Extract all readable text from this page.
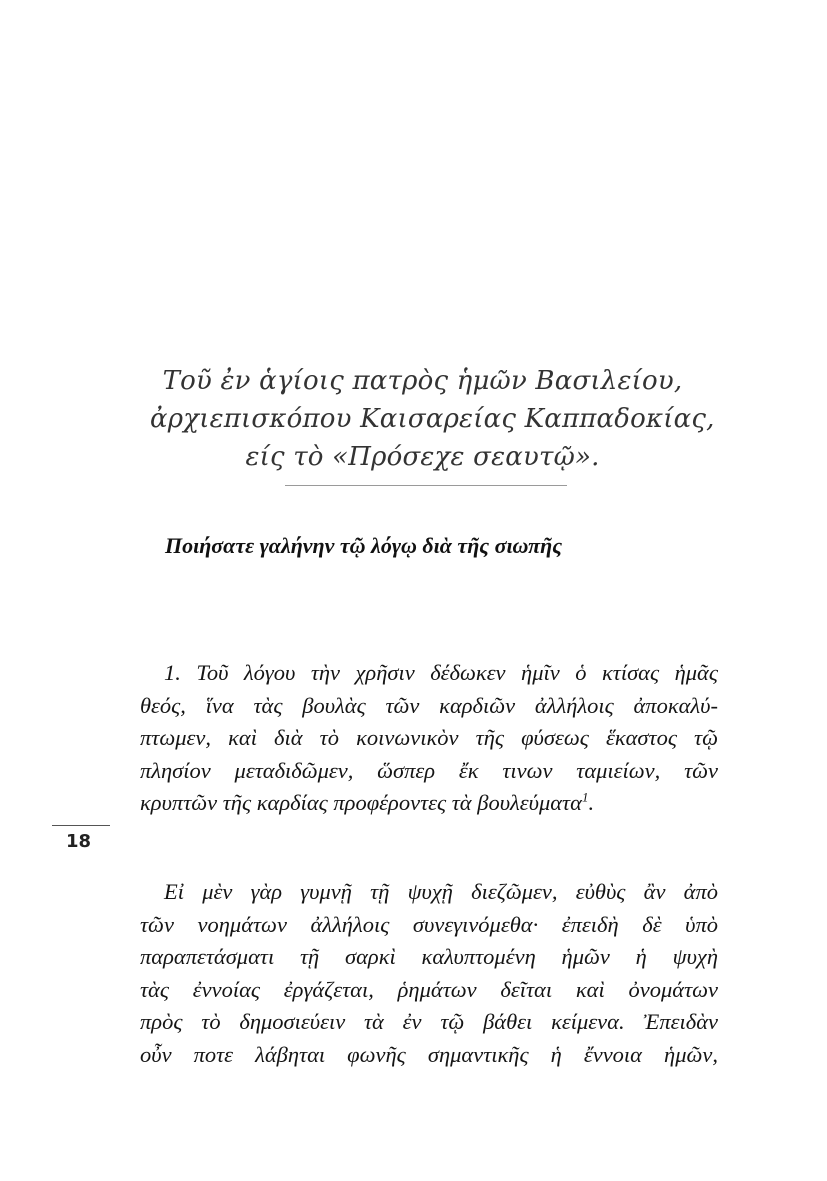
Τοῦ ἐν ἁγίοις πατρὸς ἡμῶν Βασιλείου,
ἀρχιεπισκόπου Καισαρείας Καππαδοκίας,
είς τὸ «Πρόσεχε σεαυτῷ».
Ποιήσατε γαλήνην τῷ λόγῳ διὰ τῆς σιωπῆς
1. Τοῦ λόγου τὴν χρῆσιν δέδωκεν ἡμῖν ὁ κτίσας ἡμᾶς
θεός, ἵνα τὰς βουλὰς τῶν καρδιῶν ἀλλήλοις ἀποκαλύ-
πτωμεν, καὶ διὰ τὸ κοινωνικὸν τῆς φύσεως ἕκαστος τῷ
πλησίον μεταδιδῶμεν, ὥσπερ ἔκ τινων ταμιείων, τῶν
κρυπτῶν τῆς καρδίας προφέροντες τὰ βουλεύματα$^1$.
18
Εἰ μὲν γὰρ γυμνῇ τῇ ψυχῇ διεζῶμεν, εὐθὺς ἂν ἀπὸ
τῶν νοημάτων ἀλλήλοις συνεγινόμεθα· ἐπειδὴ δὲ ὑπὸ
παραπετάσματι τῇ σαρκὶ καλυπτομένη ἡμῶν ἡ ψυχὴ
τὰς ἐννοίας ἐργάζεται, ῥημάτων δεῖται καὶ ὀνομάτων
πρὸς τὸ δημοσιεύειν τὰ ἐν τῷ βάθει κείμενα. Ἐπειδὰν
οὖν ποτε λάβηται φωνῆς σημαντικῆς ἡ ἔννοια ἡμῶν,
